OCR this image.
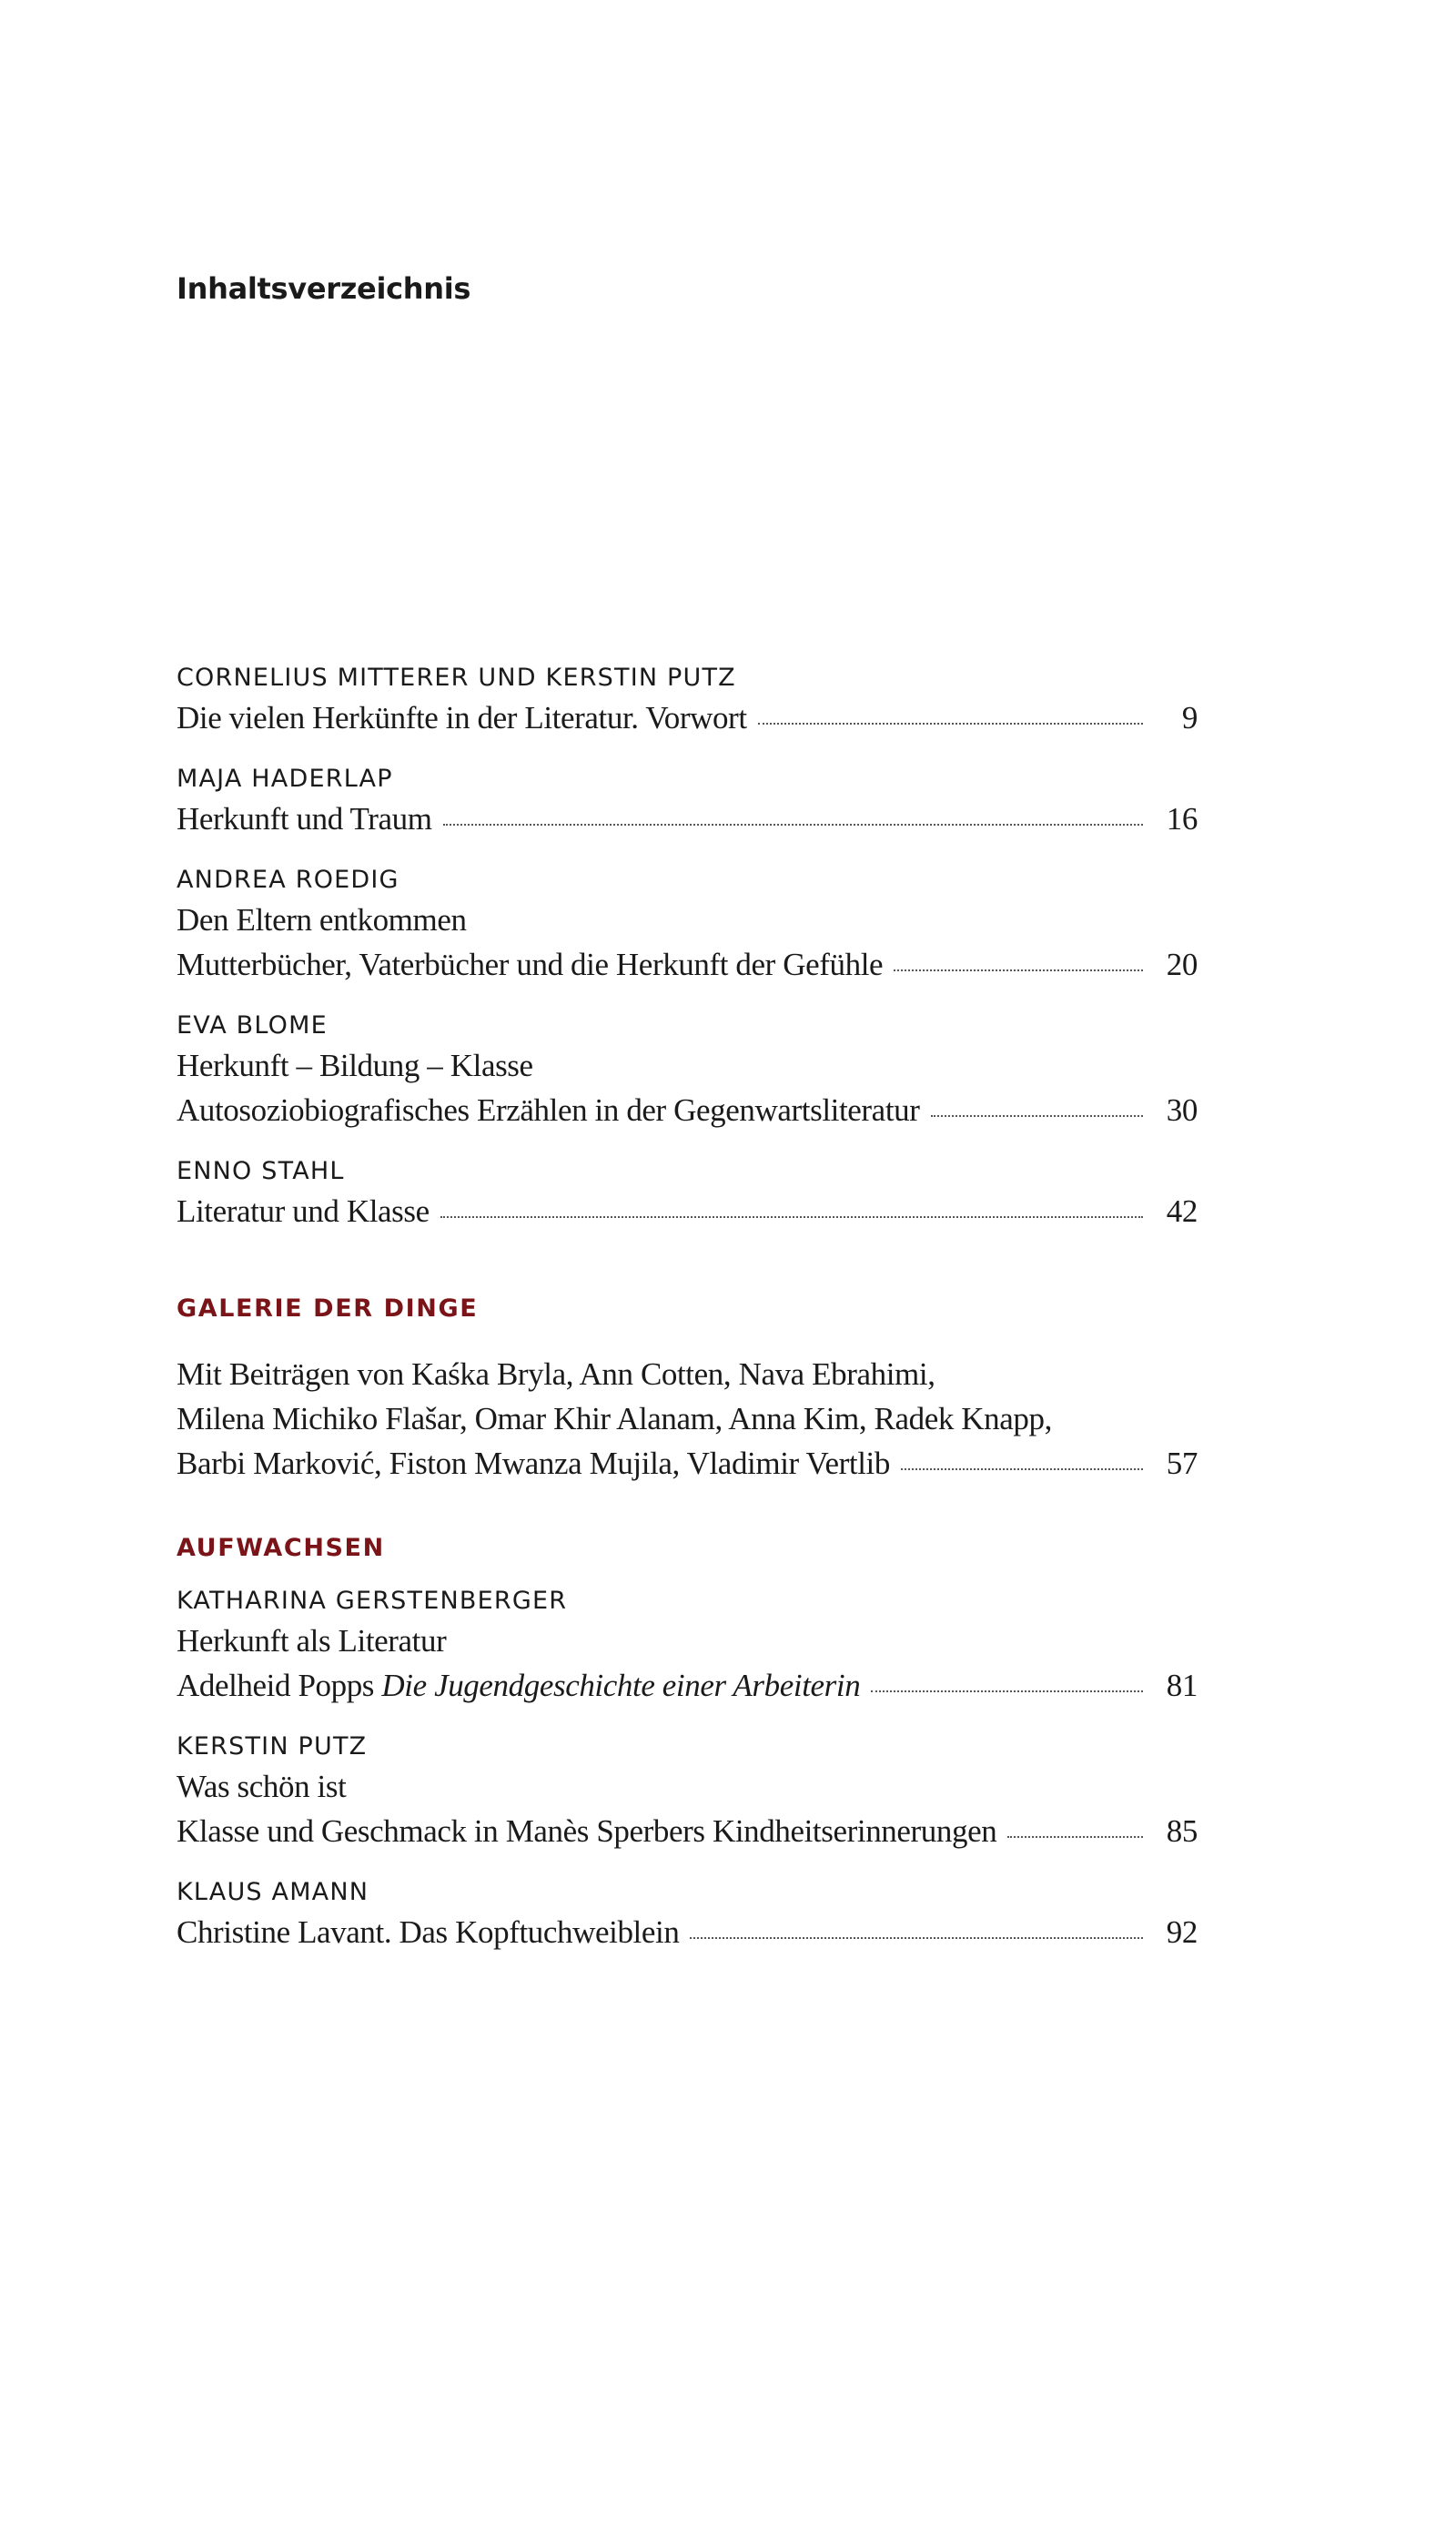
Inhaltsverzeichnis
CORNELIUS MITTERER UND KERSTIN PUTZ
Die vielen Herkünfte in der Literatur. Vorwort	9
MAJA HADERLAP
Herkunft und Traum	16
ANDREA ROEDIG
Den Eltern entkommen
Mutterbücher, Vaterbücher und die Herkunft der Gefühle	20
EVA BLOME
Herkunft – Bildung – Klasse
Autosoziobiografisches Erzählen in der Gegenwartsliteratur	30
ENNO STAHL
Literatur und Klasse	42
GALERIE DER DINGE
Mit Beiträgen von Kaśka Bryla, Ann Cotten, Nava Ebrahimi,
Milena Michiko Flašar, Omar Khir Alanam, Anna Kim, Radek Knapp,
Barbi Marković, Fiston Mwanza Mujila, Vladimir Vertlib	57
AUFWACHSEN
KATHARINA GERSTENBERGER
Herkunft als Literatur
Adelheid Popps Die Jugendgeschichte einer Arbeiterin	81
KERSTIN PUTZ
Was schön ist
Klasse und Geschmack in Manès Sperbers Kindheitserinnerungen	85
KLAUS AMANN
Christine Lavant. Das Kopftuchweiblein	92
